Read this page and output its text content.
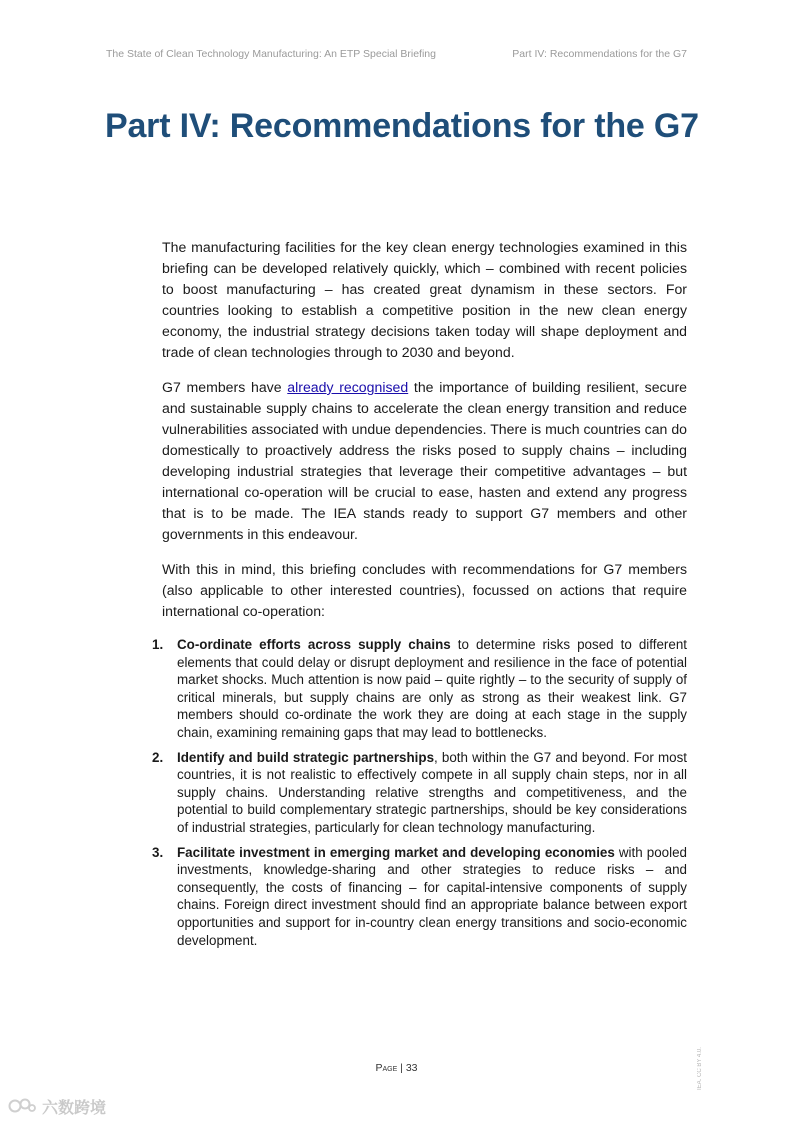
The State of Clean Technology Manufacturing: An ETP Special Briefing	Part IV: Recommendations for the G7
Part IV: Recommendations for the G7

The manufacturing facilities for the key clean energy technologies examined in this briefing can be developed relatively quickly, which – combined with recent policies to boost manufacturing – has created great dynamism in these sectors. For countries looking to establish a competitive position in the new clean energy economy, the industrial strategy decisions taken today will shape deployment and trade of clean technologies through to 2030 and beyond.

G7 members have already recognised the importance of building resilient, secure and sustainable supply chains to accelerate the clean energy transition and reduce vulnerabilities associated with undue dependencies. There is much countries can do domestically to proactively address the risks posed to supply chains – including developing industrial strategies that leverage their competitive advantages – but international co-operation will be crucial to ease, hasten and extend any progress that is to be made. The IEA stands ready to support G7 members and other governments in this endeavour.

With this in mind, this briefing concludes with recommendations for G7 members (also applicable to other interested countries), focussed on actions that require international co-operation:

1. Co-ordinate efforts across supply chains to determine risks posed to different elements that could delay or disrupt deployment and resilience in the face of potential market shocks. Much attention is now paid – quite rightly – to the security of supply of critical minerals, but supply chains are only as strong as their weakest link. G7 members should co-ordinate the work they are doing at each stage in the supply chain, examining remaining gaps that may lead to bottlenecks.
2. Identify and build strategic partnerships, both within the G7 and beyond. For most countries, it is not realistic to effectively compete in all supply chain steps, nor in all supply chains. Understanding relative strengths and competitiveness, and the potential to build complementary strategic partnerships, should be key considerations of industrial strategies, particularly for clean technology manufacturing.
3. Facilitate investment in emerging market and developing economies with pooled investments, knowledge-sharing and other strategies to reduce risks – and consequently, the costs of financing – for capital-intensive components of supply chains. Foreign direct investment should find an appropriate balance between export opportunities and support for in-country clean energy transitions and socio-economic development.
Page | 33	IEA. CC BY 4.0.
六数跨境
